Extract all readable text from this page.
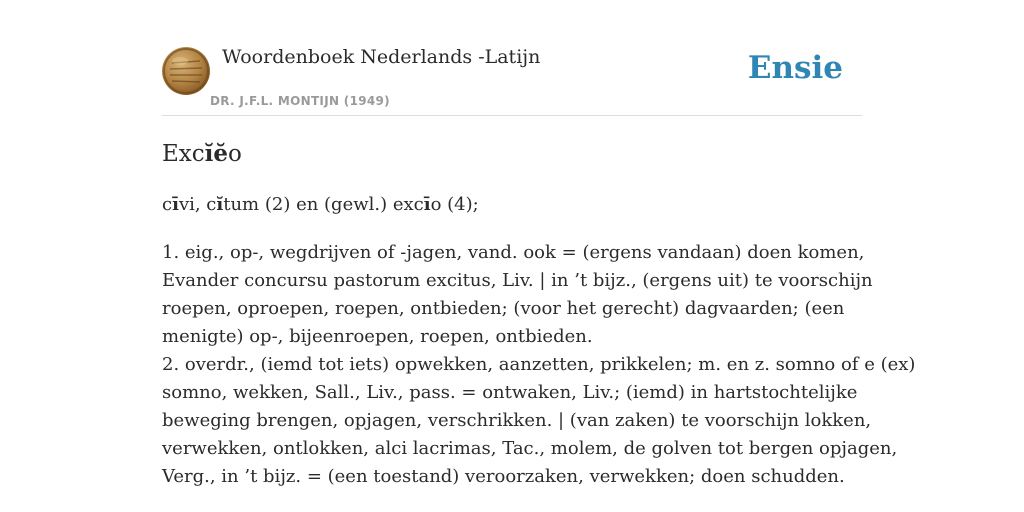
Woordenboek Nederlands -Latijn
DR. J.F.L. MONTIJN (1949)
Ensie
Excĭĕo
cīvi, cĭtum (2) en (gewl.) excīo (4);
1. eig., op-, wegdrijven of -jagen, vand. ook = (ergens vandaan) doen komen,
Evander concursu pastorum excitus, Liv. | in ’t bijz., (ergens uit) te voorschijn
roepen, oproepen, roepen, ontbieden; (voor het gerecht) dagvaarden; (een
menigte) op-, bijeenroepen, roepen, ontbieden.
2. overdr., (iemd tot iets) opwekken, aanzetten, prikkelen; m. en z. somno of e (ex)
somno, wekken, Sall., Liv., pass. = ontwaken, Liv.; (iemd) in hartstochtelijke
beweging brengen, opjagen, verschrikken. | (van zaken) te voorschijn lokken,
verwekken, ontlokken, alci lacrimas, Tac., molem, de golven tot bergen opjagen,
Verg., in ’t bijz. = (een toestand) veroorzaken, verwekken; doen schudden.
